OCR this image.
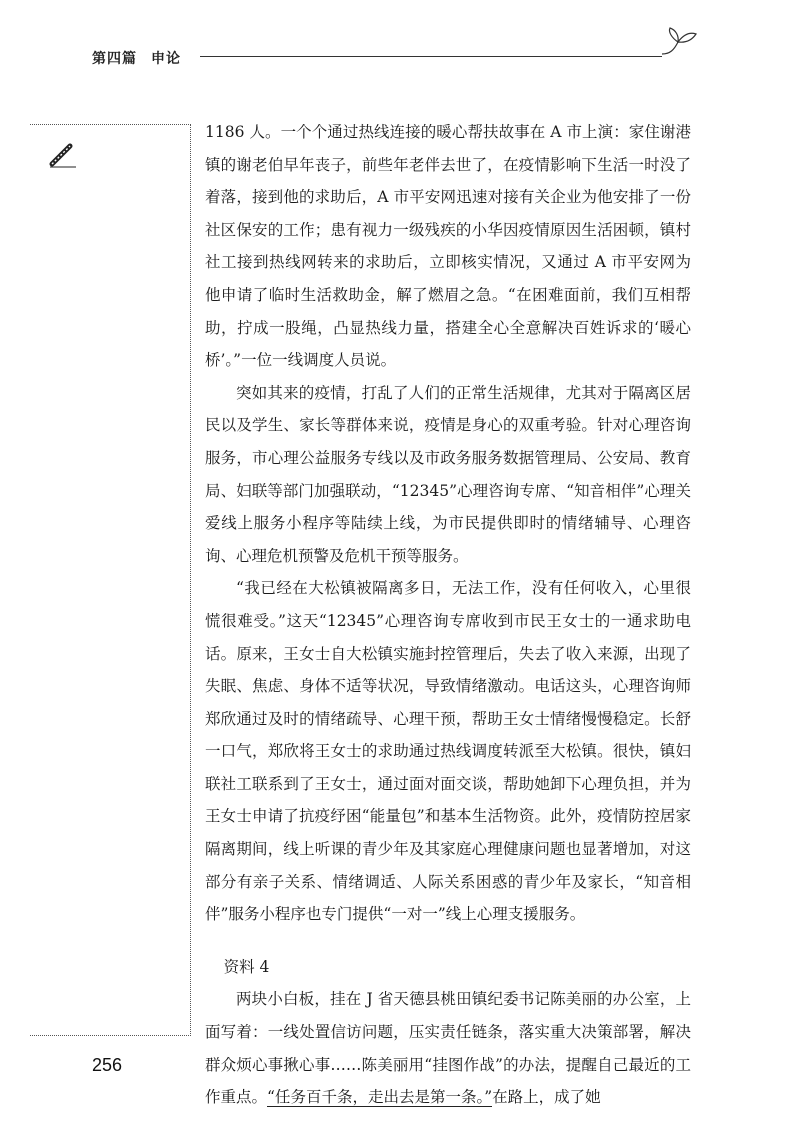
第四篇 申论

1186 人。一个个通过热线连接的暖心帮扶故事在 A 市上演：家住谢港镇的谢老伯早年丧子，前些年老伴去世了，在疫情影响下生活一时没了着落，接到他的求助后，A 市平安网迅速对接有关企业为他安排了一份社区保安的工作；患有视力一级残疾的小华因疫情原因生活困顿，镇村社工接到热线网转来的求助后，立即核实情况，又通过 A 市平安网为他申请了临时生活救助金，解了燃眉之急。“在困难面前，我们互相帮助，拧成一股绳，凸显热线力量，搭建全心全意解决百姓诉求的‘暖心桥’。”一位一线调度人员说。

突如其来的疫情，打乱了人们的正常生活规律，尤其对于隔离区居民以及学生、家长等群体来说，疫情是身心的双重考验。针对心理咨询服务，市心理公益服务专线以及市政务服务数据管理局、公安局、教育局、妇联等部门加强联动，“12345”心理咨询专席、“知音相伴”心理关爱线上服务小程序等陆续上线，为市民提供即时的情绪辅导、心理咨询、心理危机预警及危机干预等服务。

“我已经在大松镇被隔离多日，无法工作，没有任何收入，心里很慌很难受。”这天“12345”心理咨询专席收到市民王女士的一通求助电话。原来，王女士自大松镇实施封控管理后，失去了收入来源，出现了失眠、焦虑、身体不适等状况，导致情绪激动。电话这头，心理咨询师郑欣通过及时的情绪疏导、心理干预，帮助王女士情绪慢慢稳定。长舒一口气，郑欣将王女士的求助通过热线调度转派至大松镇。很快，镇妇联社工联系到了王女士，通过面对面交谈，帮助她卸下心理负担，并为王女士申请了抗疫纾困“能量包”和基本生活物资。此外，疫情防控居家隔离期间，线上听课的青少年及其家庭心理健康问题也显著增加，对这部分有亲子关系、情绪调适、人际关系困惑的青少年及家长，“知音相伴”服务小程序也专门提供“一对一”线上心理支援服务。

资料 4

两块小白板，挂在 J 省天德县桃田镇纪委书记陈美丽的办公室，上面写着：一线处置信访问题，压实责任链条，落实重大决策部署，解决群众烦心事揪心事……陈美丽用“挂图作战”的办法，提醒自己最近的工作重点。“任务百千条，走出去是第一条。”在路上，成了她

256
